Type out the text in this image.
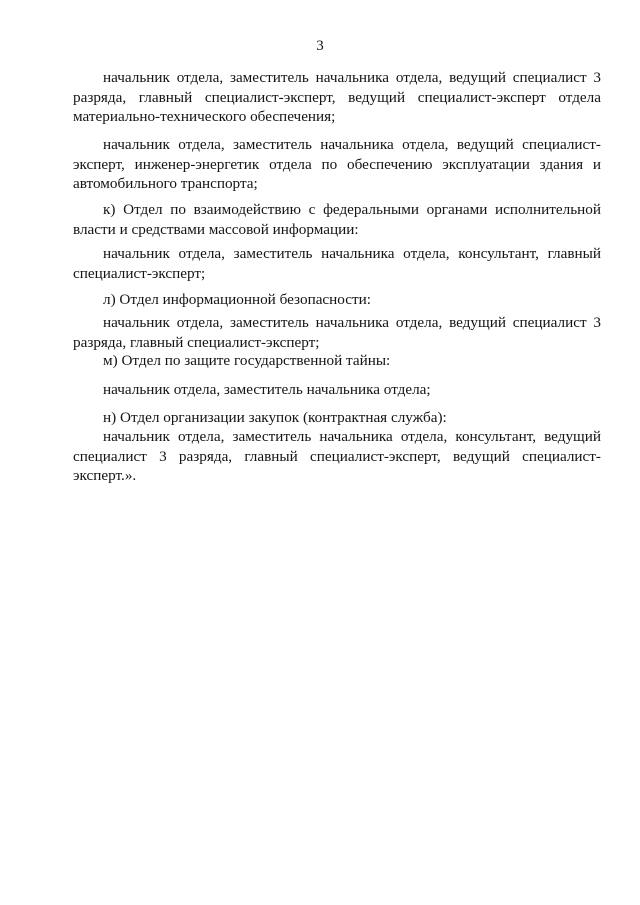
3

начальник отдела, заместитель начальника отдела, ведущий специалист 3 разряда, главный специалист-эксперт, ведущий специалист-эксперт отдела материально-технического обеспечения;

начальник отдела, заместитель начальника отдела, ведущий специалист-эксперт, инженер-энергетик отдела по обеспечению эксплуатации здания и автомобильного транспорта;

к) Отдел по взаимодействию с федеральными органами исполнительной власти и средствами массовой информации:

начальник отдела, заместитель начальника отдела, консультант, главный специалист-эксперт;

л) Отдел информационной безопасности:

начальник отдела, заместитель начальника отдела, ведущий специалист 3 разряда, главный специалист-эксперт;

м) Отдел по защите государственной тайны:

начальник отдела, заместитель начальника отдела;

н) Отдел организации закупок (контрактная служба):

начальник отдела, заместитель начальника отдела, консультант, ведущий специалист 3 разряда, главный специалист-эксперт, ведущий специалист-эксперт.».
